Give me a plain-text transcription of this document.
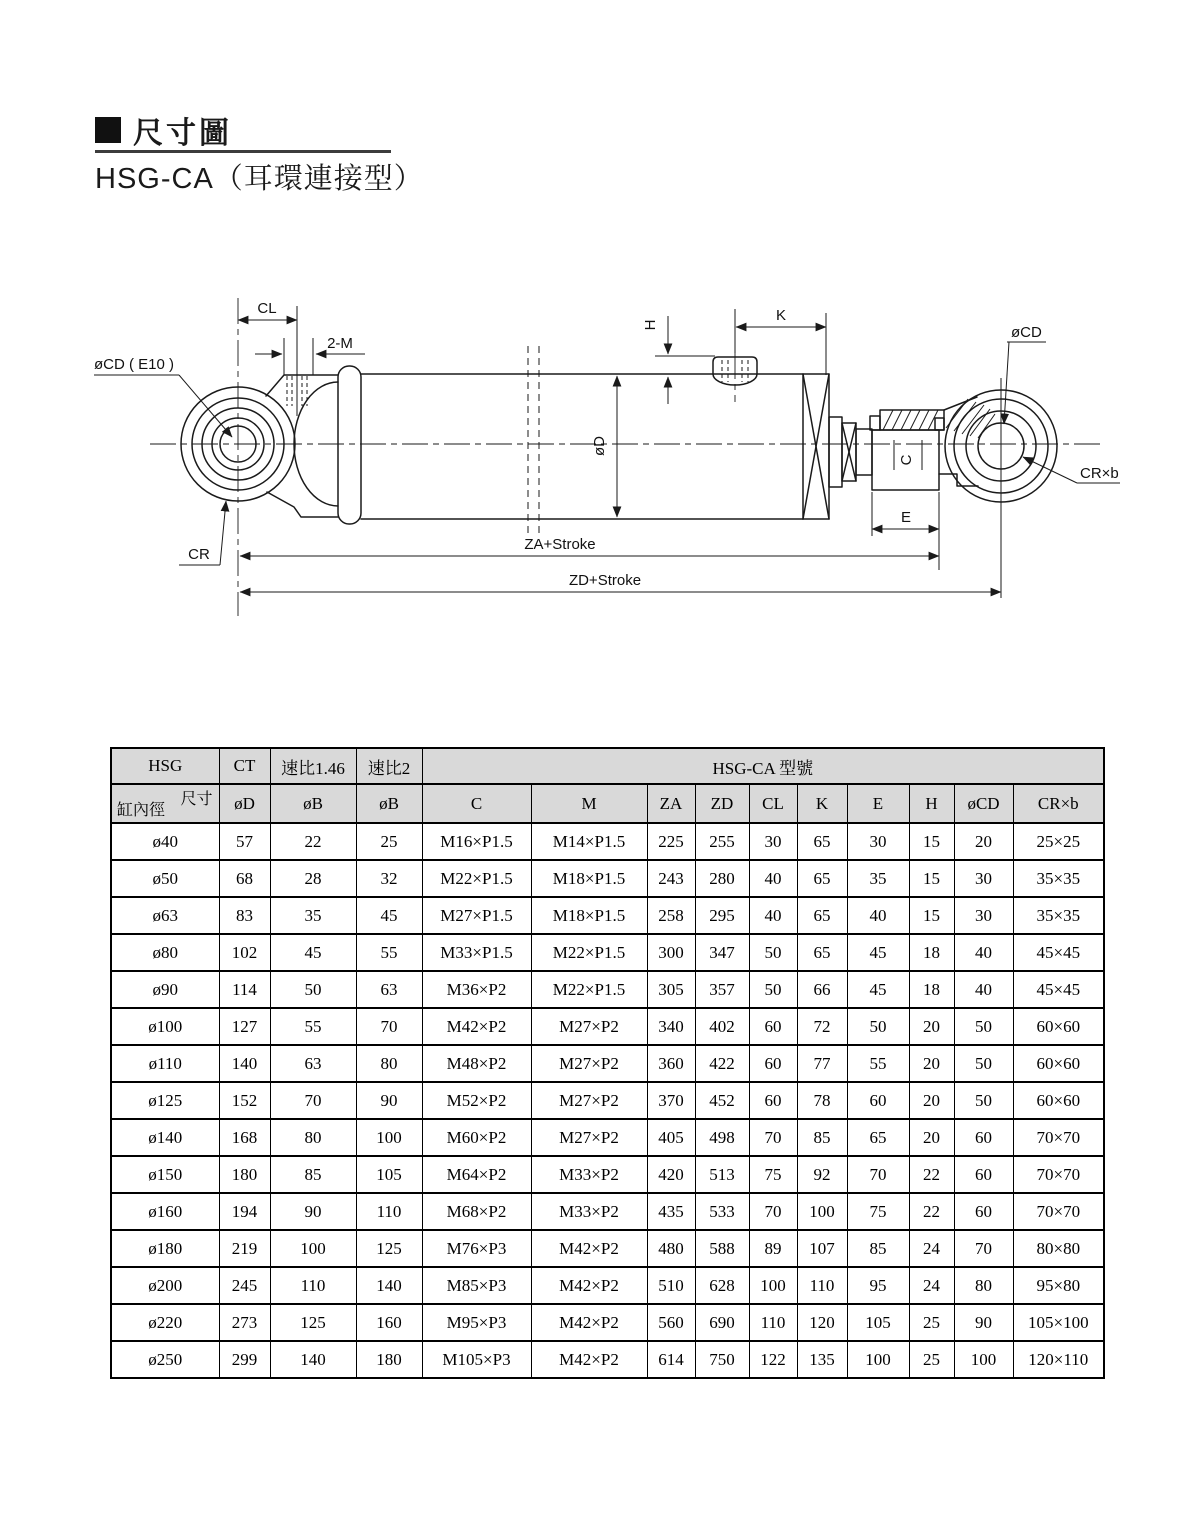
尺寸圖
HSG-CA（耳環連接型）
CL
2-M
H
K
øD
C
E
ZA+Stroke
ZD+Stroke
øCD ( E10 )
CR
øCD
CR×b
HSG	CT	速比1.46	速比2	HSG-CA 型號									

尺寸
缸內徑	øD	øB	øB	C	M	ZA	ZD	CL	K	E	H	øCD	CR×b
ø40	57	22	25	M16×P1.5	M14×P1.5	225	255	30	65	30	15	20	25×25
ø50	68	28	32	M22×P1.5	M18×P1.5	243	280	40	65	35	15	30	35×35
ø63	83	35	45	M27×P1.5	M18×P1.5	258	295	40	65	40	15	30	35×35
ø80	102	45	55	M33×P1.5	M22×P1.5	300	347	50	65	45	18	40	45×45
ø90	114	50	63	M36×P2	M22×P1.5	305	357	50	66	45	18	40	45×45
ø100	127	55	70	M42×P2	M27×P2	340	402	60	72	50	20	50	60×60
ø110	140	63	80	M48×P2	M27×P2	360	422	60	77	55	20	50	60×60
ø125	152	70	90	M52×P2	M27×P2	370	452	60	78	60	20	50	60×60
ø140	168	80	100	M60×P2	M27×P2	405	498	70	85	65	20	60	70×70
ø150	180	85	105	M64×P2	M33×P2	420	513	75	92	70	22	60	70×70
ø160	194	90	110	M68×P2	M33×P2	435	533	70	100	75	22	60	70×70
ø180	219	100	125	M76×P3	M42×P2	480	588	89	107	85	24	70	80×80
ø200	245	110	140	M85×P3	M42×P2	510	628	100	110	95	24	80	95×80
ø220	273	125	160	M95×P3	M42×P2	560	690	110	120	105	25	90	105×100
ø250	299	140	180	M105×P3	M42×P2	614	750	122	135	100	25	100	120×110
